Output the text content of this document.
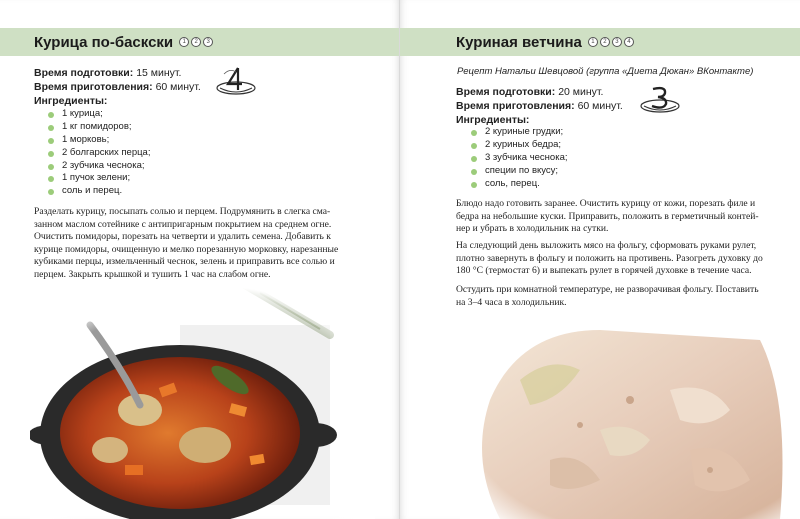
Курица по-баскски	1	2	3
Время подготовки: 15 минут.
Время приготовления: 60 минут.
Ингредиенты:
1 курица;
1 кг помидоров;
1 морковь;
2 болгарских перца;
2 зубчика чеснока;
1 пучок зелени;
соль и перец.
Разделать курицу, посыпать солью и перцем. Подрумянить в слегка сма-
занном маслом сотейнике с антипригарным покрытием на среднем огне.
Очистить помидоры, порезать на четверти и удалить семена. Добавить к
курице помидоры, очищенную и мелко порезанную морковку, нарезанные
кубиками перцы, измельченный чеснок, зелень и приправить все солью и
перцем. Закрыть крышкой и тушить 1 час на слабом огне.
Куриная ветчина	1	2	3	4
Рецепт Натальи Шевцовой (группа «Диета Дюкан» ВКонтакте)
Время подготовки: 20 минут.
Время приготовления: 60 минут.
Ингредиенты:
2 куриные грудки;
2 куриных бедра;
3 зубчика чеснока;
специи по вкусу;
соль, перец.
Блюдо надо готовить заранее. Очистить курицу от кожи, порезать филе и
бедра на небольшие куски. Приправить, положить в герметичный контей-
нер и убрать в холодильник на сутки.
На следующий день выложить мясо на фольгу, сформовать руками рулет,
плотно завернуть в фольгу и положить на противень. Разогреть духовку до
180 °С (термостат 6) и выпекать рулет в горячей духовке в течение часа.
Остудить при комнатной температуре, не разворачивая фольгу. Поставить
на 3–4 часа в холодильник.
